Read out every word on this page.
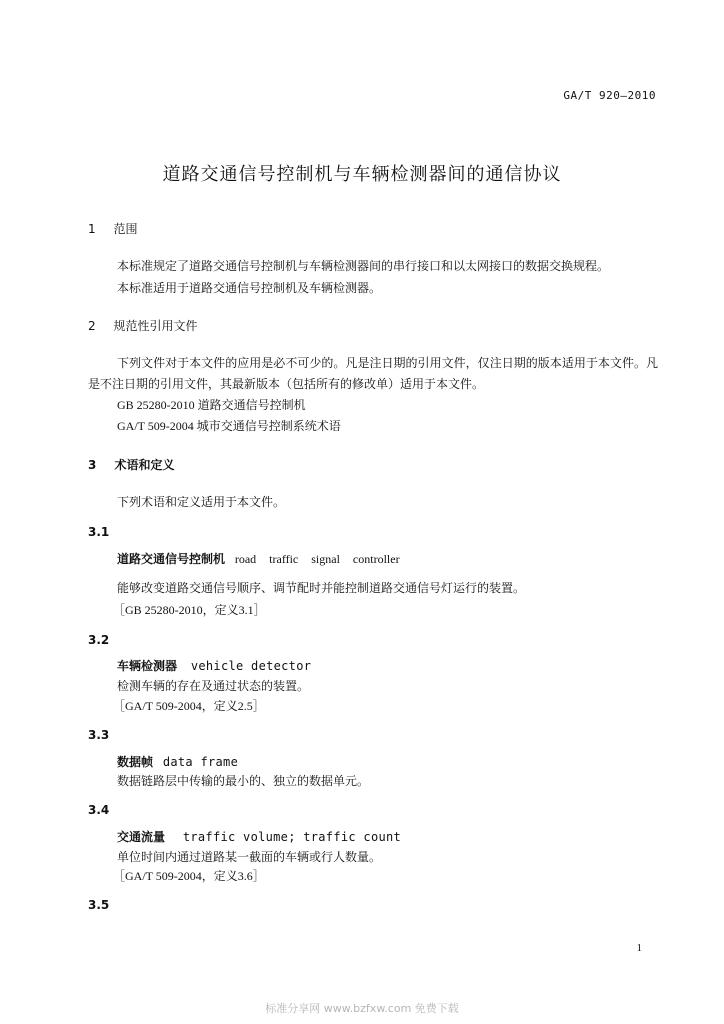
GA/T 920—2010
道路交通信号控制机与车辆检测器间的通信协议
1 范围
本标准规定了道路交通信号控制机与车辆检测器间的串行接口和以太网接口的数据交换规程。
本标准适用于道路交通信号控制机及车辆检测器。
2 规范性引用文件
下列文件对于本文件的应用是必不可少的。凡是注日期的引用文件，仅注日期的版本适用于本文件。凡是不注日期的引用文件，其最新版本（包括所有的修改单）适用于本文件。
GB 25280-2010 道路交通信号控制机
GA/T 509-2004 城市交通信号控制系统术语
3 术语和定义
下列术语和定义适用于本文件。
3.1
道路交通信号控制机 road traffic signal controller
能够改变道路交通信号顺序、调节配时并能控制道路交通信号灯运行的装置。
［GB 25280-2010，定义3.1］
3.2
车辆检测器 vehicle detector
检测车辆的存在及通过状态的装置。
［GA/T 509-2004，定义2.5］
3.3
数据帧 data frame
数据链路层中传输的最小的、独立的数据单元。
3.4
交通流量 traffic volume; traffic count
单位时间内通过道路某一截面的车辆或行人数量。
［GA/T 509-2004，定义3.6］
3.5
1
标准分享网 www.bzfxw.com 免费下载
